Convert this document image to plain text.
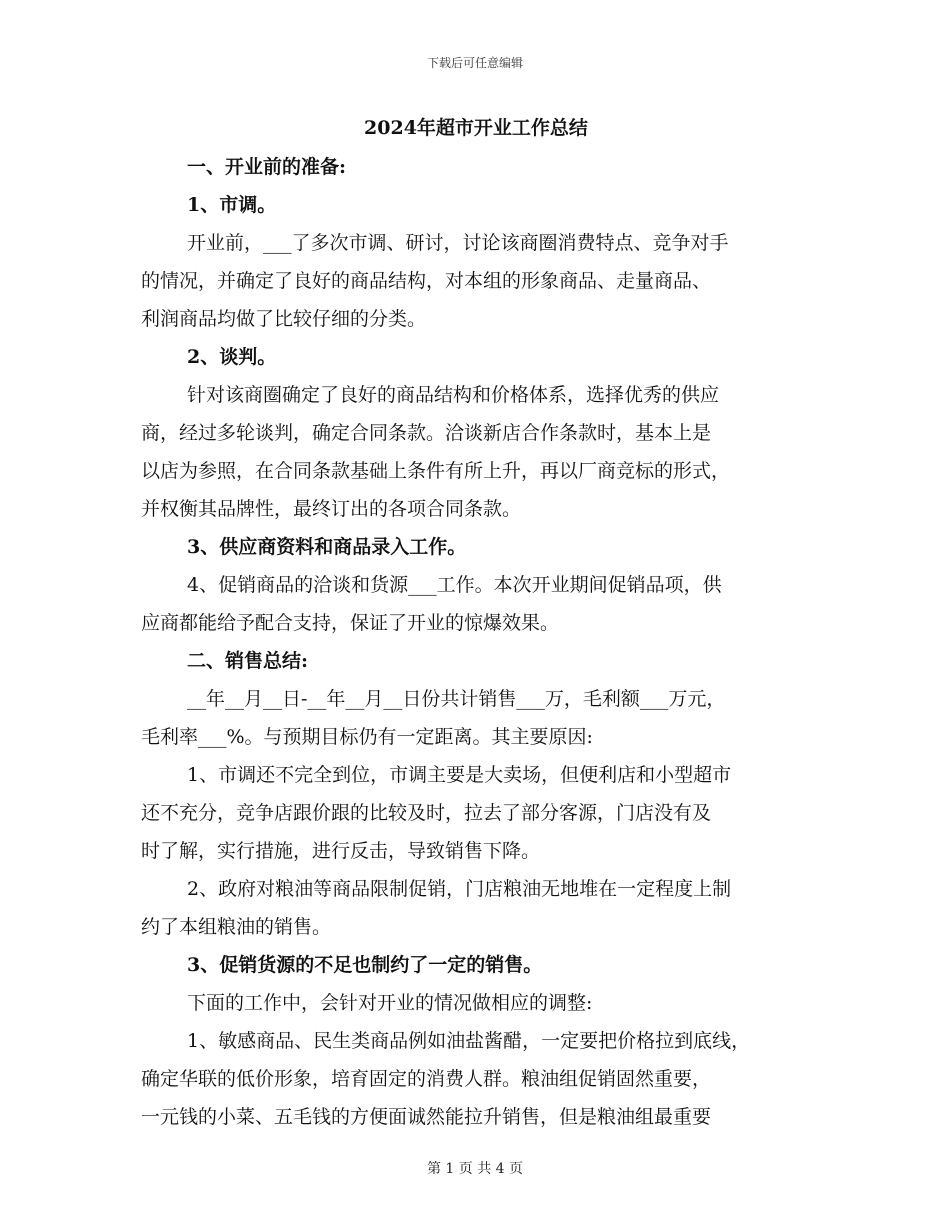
下载后可任意编辑

2024年超市开业工作总结

一、开业前的准备:

1、市调。

开业前，___了多次市调、研讨，讨论该商圈消费特点、竞争对手

的情况，并确定了良好的商品结构，对本组的形象商品、走量商品、

利润商品均做了比较仔细的分类。

2、谈判。

针对该商圈确定了良好的商品结构和价格体系，选择优秀的供应

商，经过多轮谈判，确定合同条款。洽谈新店合作条款时，基本上是

以店为参照，在合同条款基础上条件有所上升，再以厂商竞标的形式，

并权衡其品牌性，最终订出的各项合同条款。

3、供应商资料和商品录入工作。

4、促销商品的洽谈和货源___工作。本次开业期间促销品项，供

应商都能给予配合支持，保证了开业的惊爆效果。

二、销售总结:

__年__月__日-__年__月__日份共计销售___万，毛利额___万元，

毛利率___%。与预期目标仍有一定距离。其主要原因:

1、市调还不完全到位，市调主要是大卖场，但便利店和小型超市

还不充分，竞争店跟价跟的比较及时，拉去了部分客源，门店没有及

时了解，实行措施，进行反击，导致销售下降。

2、政府对粮油等商品限制促销，门店粮油无地堆在一定程度上制

约了本组粮油的销售。

3、促销货源的不足也制约了一定的销售。

下面的工作中，会针对开业的情况做相应的调整:

1、敏感商品、民生类商品例如油盐酱醋，一定要把价格拉到底线，

确定华联的低价形象，培育固定的消费人群。粮油组促销固然重要，

一元钱的小菜、五毛钱的方便面诚然能拉升销售，但是粮油组最重要

第 1 页 共 4 页
